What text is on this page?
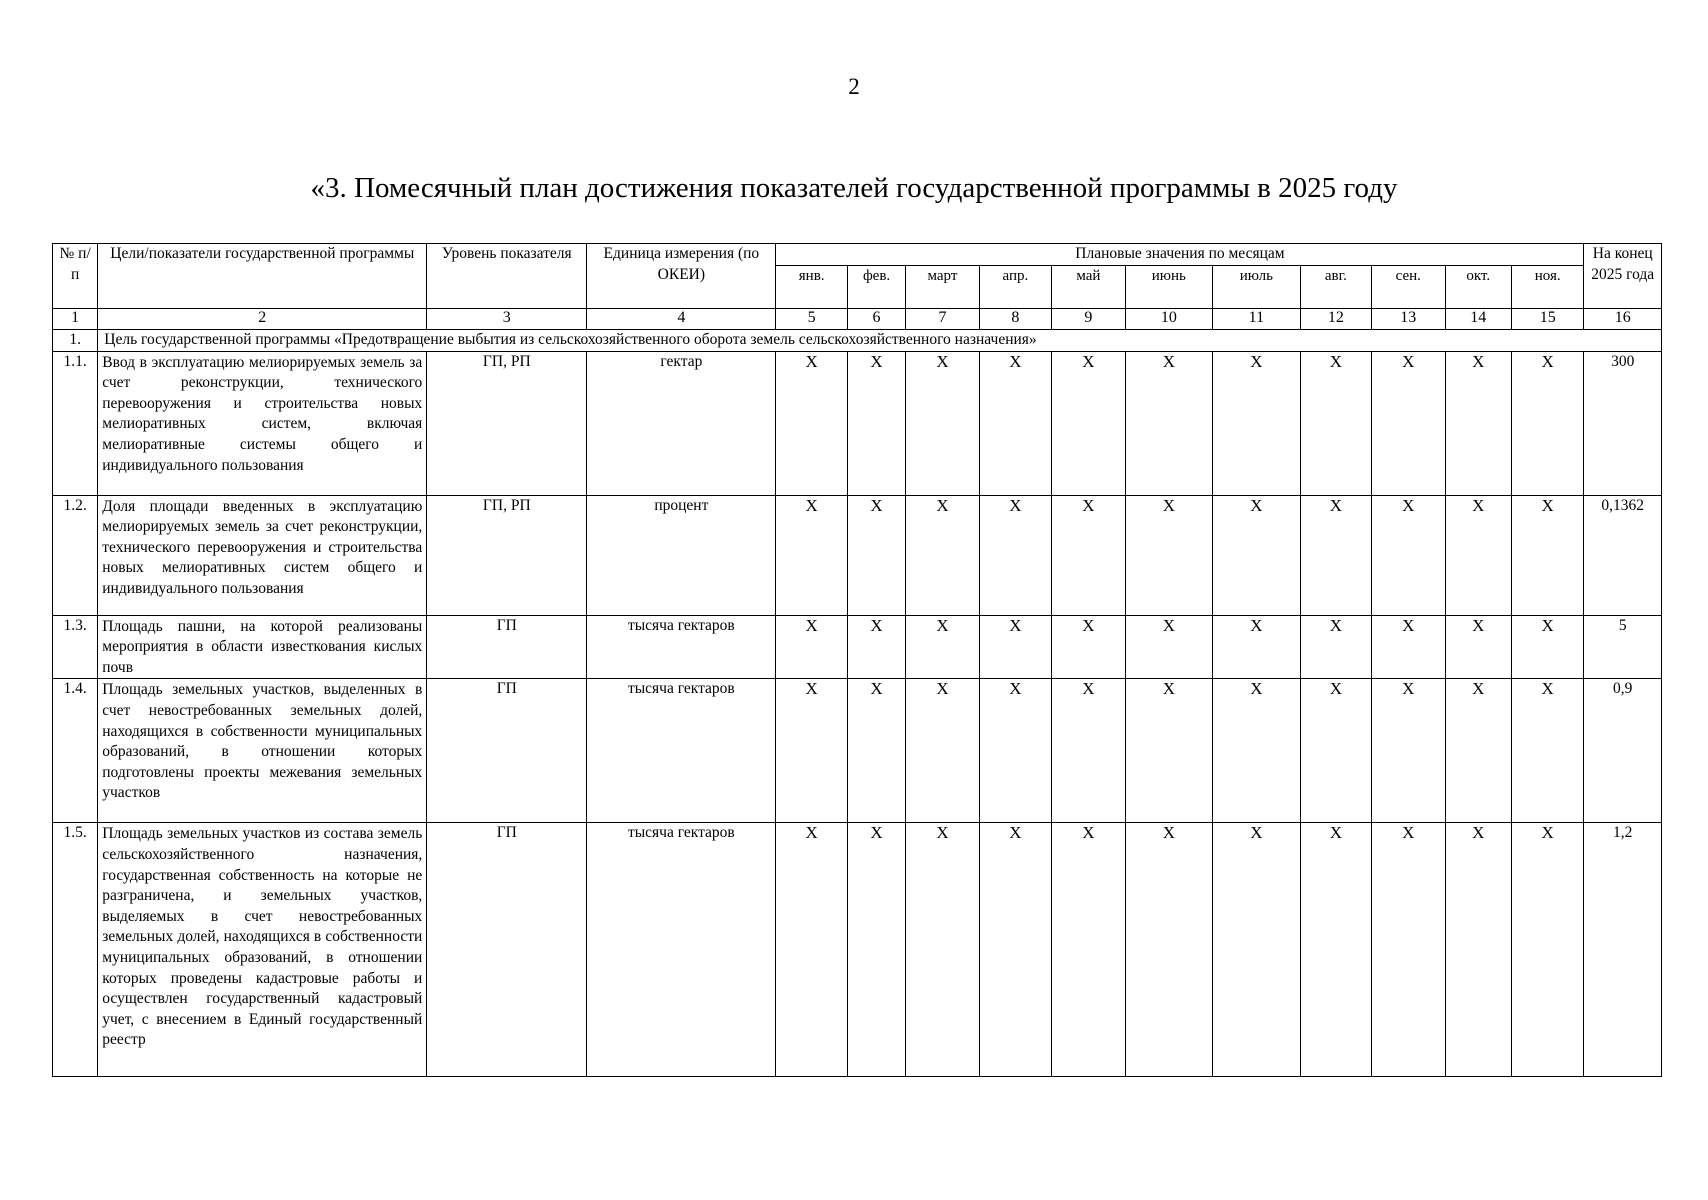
2
«3. Помесячный план достижения показателей государственной программы в 2025 году
№ п/п	Цели/показатели государственной программы	Уровень показателя	Единица измерения (по ОКЕИ)	Плановые значения по месяцам											На конец 2025 года
				янв.	фев.	март	апр.	май	июнь	июль	авг.	сен.	окт.	ноя.	
1	2	3	4	5	6	7	8	9	10	11	12	13	14	15	16
1.	Цель государственной программы «Предотвращение выбытия из сельскохозяйственного оборота земель сельскохозяйственного назначения»														
1.1.	Ввод в эксплуатацию мелиорируемых земель за счет реконструкции, технического перевооружения и строительства новых мелиоративных систем, включая мелиоративные системы общего и индивидуального пользования	ГП, РП	гектар	X	X	X	X	X	X	X	X	X	X	X	300
1.2.	Доля площади введенных в эксплуатацию мелиорируемых земель за счет реконструкции, технического перевооружения и строительства новых мелиоративных систем общего и индивидуального пользования	ГП, РП	процент	X	X	X	X	X	X	X	X	X	X	X	0,1362
1.3.	Площадь пашни, на которой реализованы мероприятия в области известкования кислых почв	ГП	тысяча гектаров	X	X	X	X	X	X	X	X	X	X	X	5
1.4.	Площадь земельных участков, выделенных в счет невостребованных земельных долей, находящихся в собственности муниципальных образований, в отношении которых подготовлены проекты межевания земельных участков	ГП	тысяча гектаров	X	X	X	X	X	X	X	X	X	X	X	0,9
1.5.	Площадь земельных участков из состава земель сельскохозяйственного назначения, государственная собственность на которые не разграничена, и земельных участков, выделяемых в счет невостребованных земельных долей, находящихся в собственности муниципальных образований, в отношении которых проведены кадастровые работы и осуществлен государственный кадастровый учет, с внесением в Единый государственный реестр	ГП	тысяча гектаров	X	X	X	X	X	X	X	X	X	X	X	1,2
